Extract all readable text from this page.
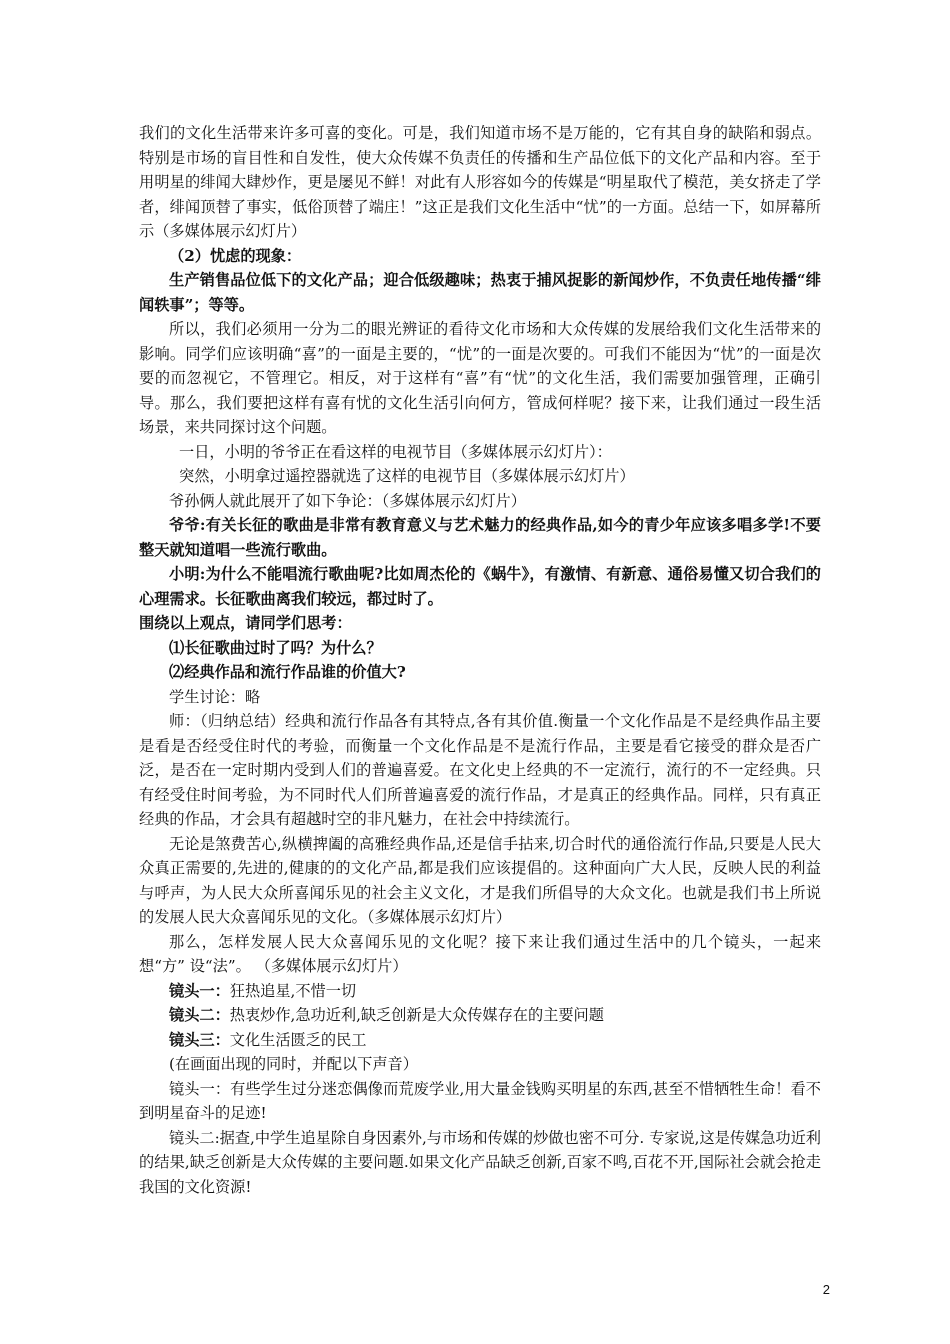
我们的文化生活带来许多可喜的变化。可是，我们知道市场不是万能的，它有其自身的缺陷和弱点。特别是市场的盲目性和自发性，使大众传媒不负责任的传播和生产品位低下的文化产品和内容。至于用明星的绯闻大肆炒作，更是屡见不鲜！对此有人形容如今的传媒是“明星取代了模范，美女挤走了学者，绯闻顶替了事实，低俗顶替了端庄！”这正是我们文化生活中“忧”的一方面。总结一下，如屏幕所示（多媒体展示幻灯片）

（2）忧虑的现象：

生产销售品位低下的文化产品；迎合低级趣味；热衷于捕风捉影的新闻炒作，不负责任地传播“绯闻轶事”；等等。

所以，我们必须用一分为二的眼光辨证的看待文化市场和大众传媒的发展给我们文化生活带来的影响。同学们应该明确“喜”的一面是主要的，“忧”的一面是次要的。可我们不能因为“忧”的一面是次要的而忽视它，不管理它。相反，对于这样有“喜”有“忧”的文化生活，我们需要加强管理，正确引导。那么，我们要把这样有喜有忧的文化生活引向何方，管成何样呢？接下来，让我们通过一段生活场景，来共同探讨这个问题。

一日，小明的爷爷正在看这样的电视节目（多媒体展示幻灯片）：

突然，小明拿过遥控器就选了这样的电视节目（多媒体展示幻灯片）

爷孙俩人就此展开了如下争论：（多媒体展示幻灯片）

爷爷:有关长征的歌曲是非常有教育意义与艺术魅力的经典作品,如今的青少年应该多唱多学!不要整天就知道唱一些流行歌曲。

小明:为什么不能唱流行歌曲呢?比如周杰伦的《蜗牛》，有激情、有新意、通俗易懂又切合我们的心理需求。长征歌曲离我们较远，都过时了。

围绕以上观点，请同学们思考：

⑴长征歌曲过时了吗？为什么？

⑵经典作品和流行作品谁的价值大?

学生讨论：略

师：（归纳总结）经典和流行作品各有其特点,各有其价值.衡量一个文化作品是不是经典作品主要是看是否经受住时代的考验，而衡量一个文化作品是不是流行作品，主要是看它接受的群众是否广泛，是否在一定时期内受到人们的普遍喜爱。在文化史上经典的不一定流行，流行的不一定经典。只有经受住时间考验，为不同时代人们所普遍喜爱的流行作品，才是真正的经典作品。同样，只有真正经典的作品，才会具有超越时空的非凡魅力，在社会中持续流行。

无论是煞费苦心,纵横捭阖的高雅经典作品,还是信手拈来,切合时代的通俗流行作品,只要是人民大众真正需要的,先进的,健康的的文化产品,都是我们应该提倡的。这种面向广大人民，反映人民的利益与呼声，为人民大众所喜闻乐见的社会主义文化，才是我们所倡导的大众文化。也就是我们书上所说的发展人民大众喜闻乐见的文化。（多媒体展示幻灯片）

那么，怎样发展人民大众喜闻乐见的文化呢？接下来让我们通过生活中的几个镜头，一起来想“方” 设“法”。 （多媒体展示幻灯片）

镜头一：狂热追星,不惜一切

镜头二：热衷炒作,急功近利,缺乏创新是大众传媒存在的主要问题

镜头三：文化生活匮乏的民工

(在画面出现的同时，并配以下声音）

镜头一：有些学生过分迷恋偶像而荒废学业,用大量金钱购买明星的东西,甚至不惜牺牲生命！看不到明星奋斗的足迹!

镜头二:据查,中学生追星除自身因素外,与市场和传媒的炒做也密不可分. 专家说,这是传媒急功近利的结果,缺乏创新是大众传媒的主要问题.如果文化产品缺乏创新,百家不鸣,百花不开,国际社会就会抢走我国的文化资源!

2
